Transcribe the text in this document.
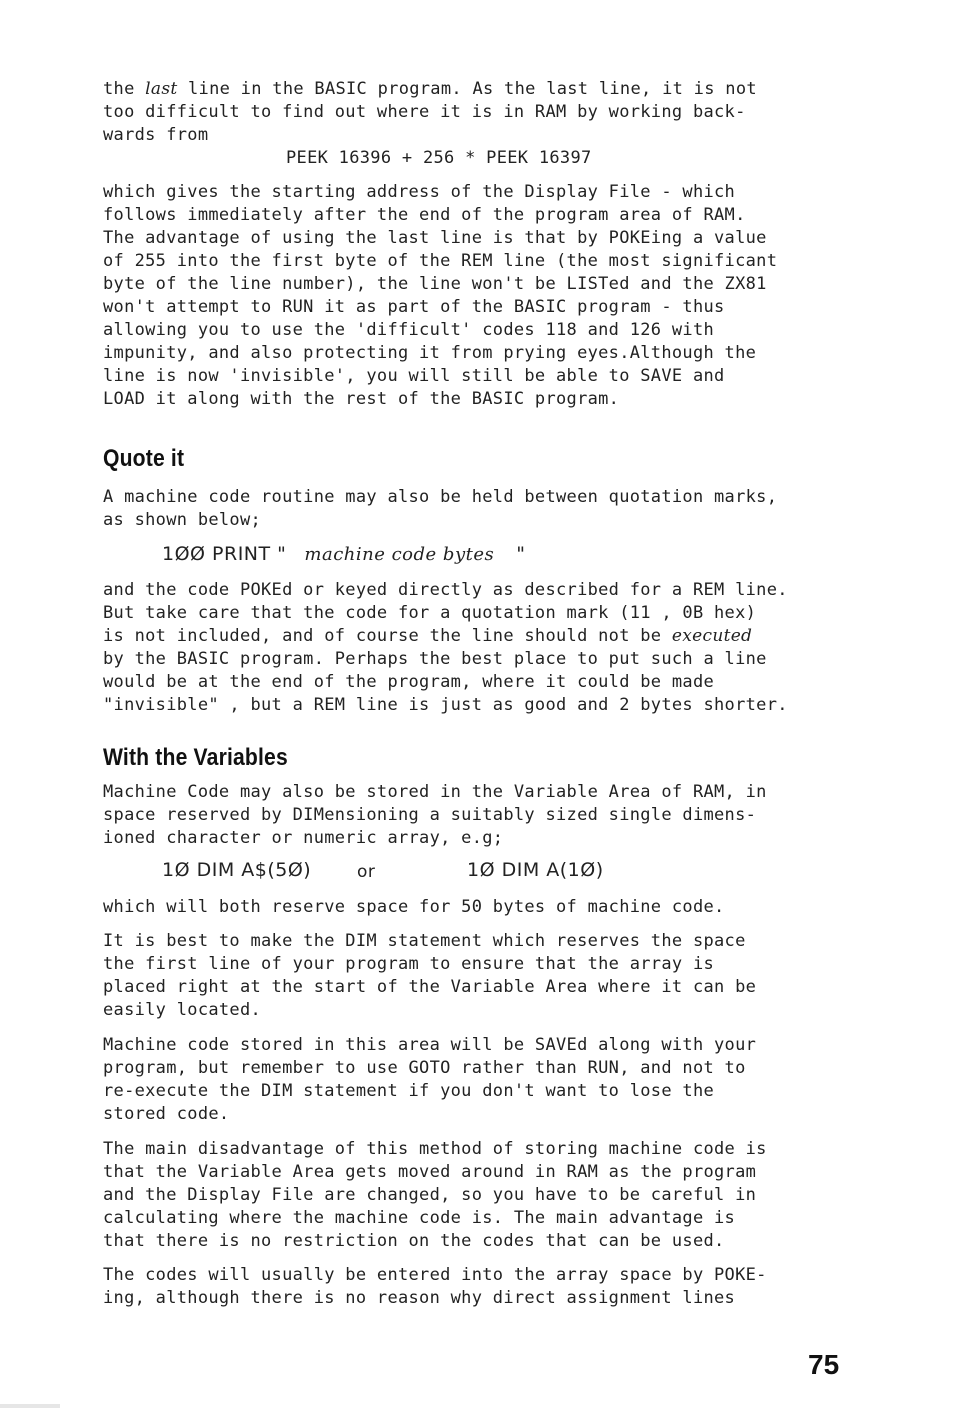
the last line in the BASIC program. As the last line, it is not
too difficult to find out where it is in RAM by working back-
wards from
PEEK 16396 + 256 * PEEK 16397
which gives the starting address of the Display File - which
follows immediately after the end of the program area of RAM.
The advantage of using the last line is that by POKEing a value
of 255 into the first byte of the REM line (the most significant
byte of the line number), the line won't be LISTed and the ZX81
won't attempt to RUN it as part of the BASIC program - thus
allowing you to use the 'difficult' codes 118 and 126 with
impunity, and also protecting it from prying eyes.Although the
line is now 'invisible', you will still be able to SAVE and
LOAD it along with the rest of the BASIC program.
Quote it
A machine code routine may also be held between quotation marks,
as shown below;
1ØØ PRINT " machine code bytes "
and the code POKEd or keyed directly as described for a REM line.
But take care that the code for a quotation mark (11 , 0B hex)
is not included, and of course the line should not be executed
by the BASIC program. Perhaps the best place to put such a line
would be at the end of the program, where it could be made
"invisible" , but a REM line is just as good and 2 bytes shorter.
With the Variables
Machine Code may also be stored in the Variable Area of RAM, in
space reserved by DIMensioning a suitably sized single dimens-
ioned character or numeric array, e.g;
1Ø DIM A$(5Ø)	or	1Ø DIM A(1Ø)
which will both reserve space for 50 bytes of machine code.
It is best to make the DIM statement which reserves the space
the first line of your program to ensure that the array is
placed right at the start of the Variable Area where it can be
easily located.
Machine code stored in this area will be SAVEd along with your
program, but remember to use GOTO rather than RUN, and not to
re-execute the DIM statement if you don't want to lose the
stored code.
The main disadvantage of this method of storing machine code is
that the Variable Area gets moved around in RAM as the program
and the Display File are changed, so you have to be careful in
calculating where the machine code is. The main advantage is
that there is no restriction on the codes that can be used.
The codes will usually be entered into the array space by POKE-
ing, although there is no reason why direct assignment lines
75
